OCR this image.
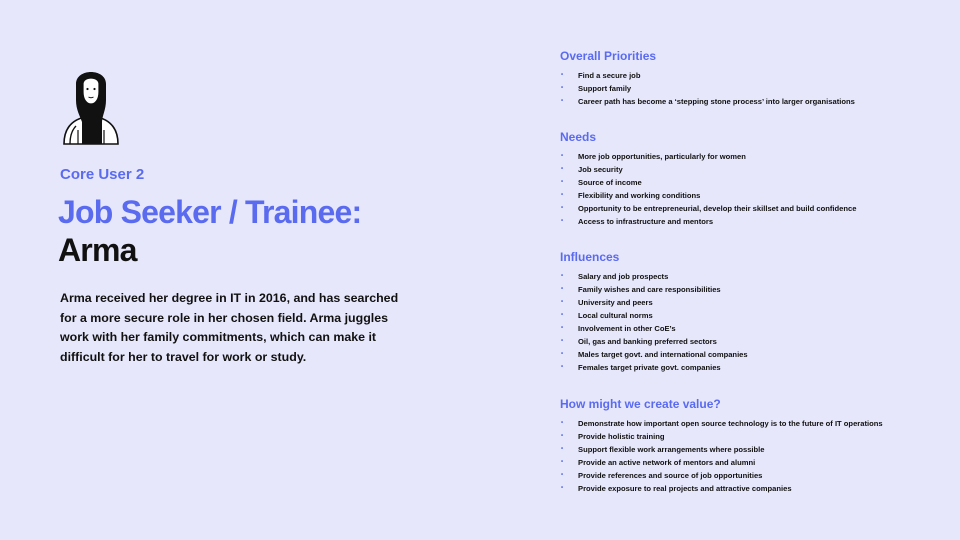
Core User 2
Job Seeker / Trainee:
Arma
Arma received her degree in IT in 2016, and has searched for a more secure role in her chosen field. Arma juggles work with her family commitments, which can make it difficult for her to travel for work or study.
Overall Priorities
• Find a secure job
• Support family
• Career path has become a ‘stepping stone process’ into larger organisations
Needs
• More job opportunities, particularly for women
• Job security
• Source of income
• Flexibility and working conditions
• Opportunity to be entrepreneurial, develop their skillset and build confidence
• Access to infrastructure and mentors
Influences
• Salary and job prospects
• Family wishes and care responsibilities
• University and peers
• Local cultural norms
• Involvement in other CoE’s
• Oil, gas and banking preferred sectors
• Males target govt. and international companies
• Females target private govt. companies
How might we create value?
• Demonstrate how important open source technology is to the future of IT operations
• Provide holistic training
• Support flexible work arrangements where possible
• Provide an active network of mentors and alumni
• Provide references and source of job opportunities
• Provide exposure to real projects and attractive companies
